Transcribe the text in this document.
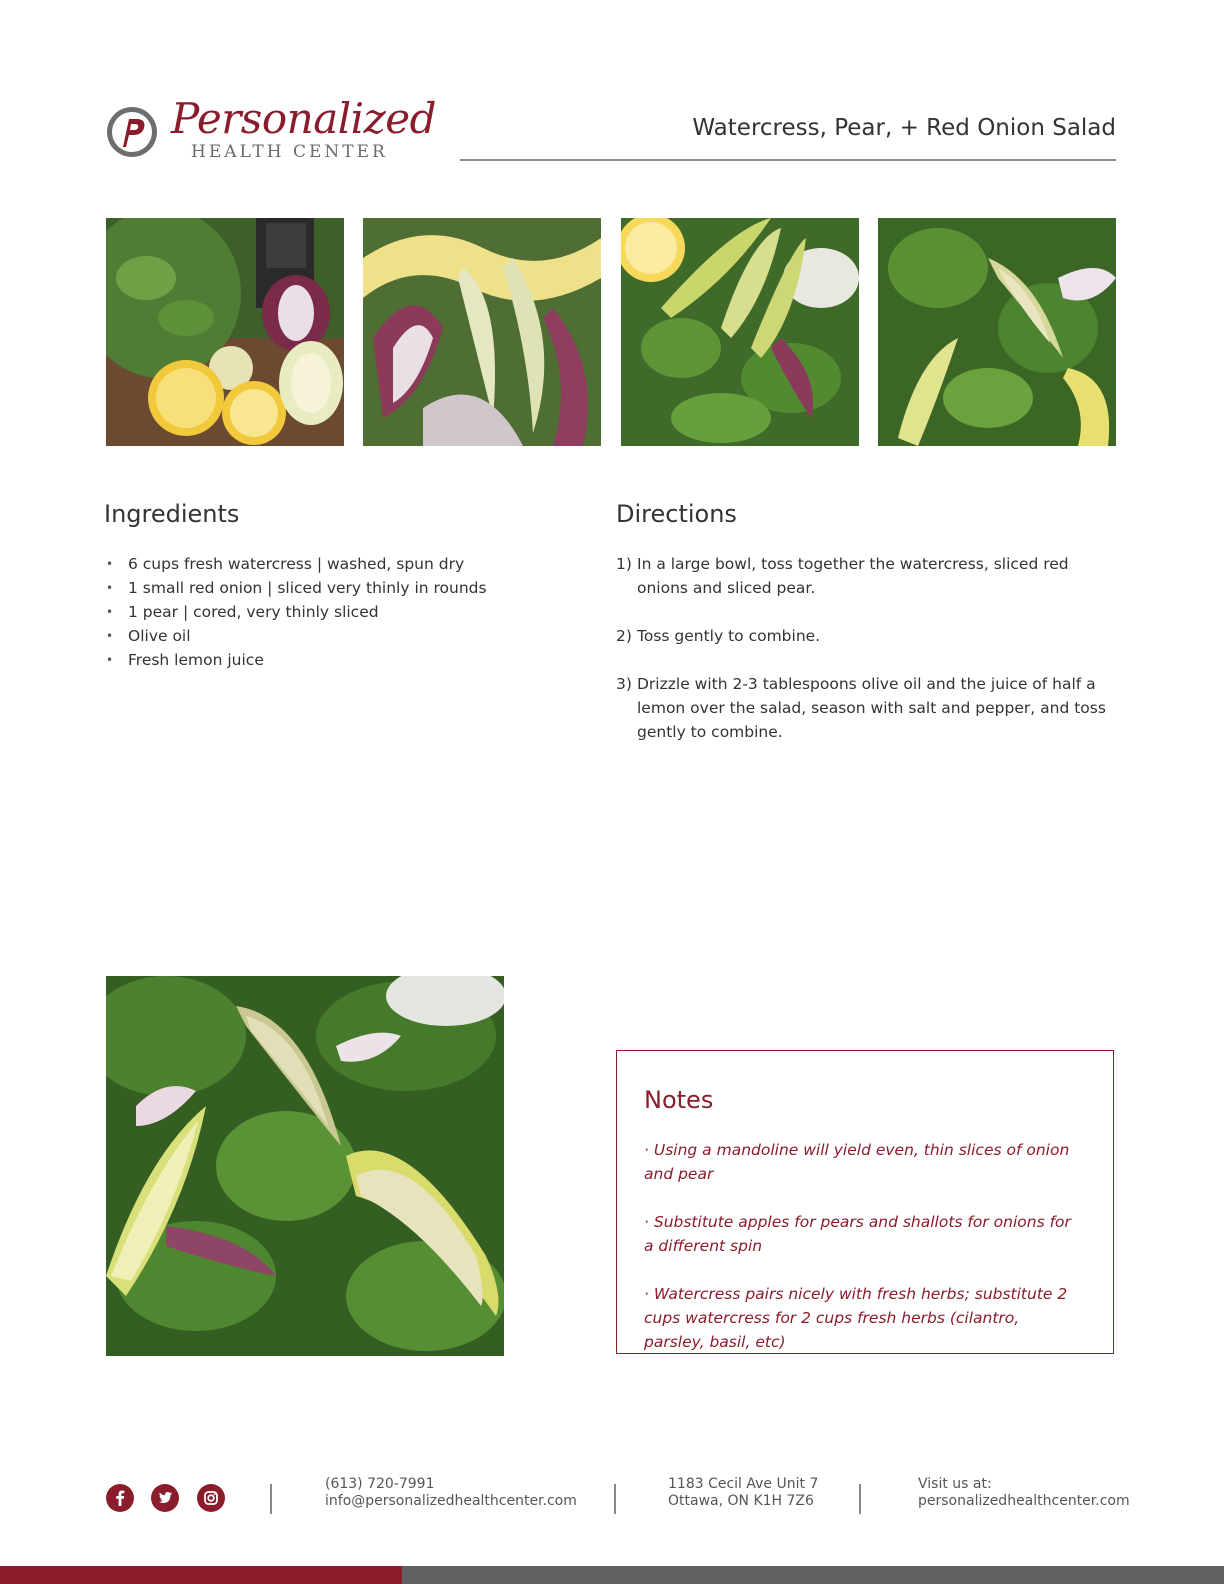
Personalized
HEALTH CENTER
Watercress, Pear, + Red Onion Salad
Ingredients
• 6 cups fresh watercress | washed, spun dry
• 1 small red onion | sliced very thinly in rounds
• 1 pear | cored, very thinly sliced
• Olive oil
• Fresh lemon juice
Directions
1) In a large bowl, toss together the watercress, sliced red onions and sliced pear.
2) Toss gently to combine.
3) Drizzle with 2-3 tablespoons olive oil and the juice of half a lemon over the salad, season with salt and pepper, and toss gently to combine.
Notes
· Using a mandoline will yield even, thin slices of onion and pear
· Substitute apples for pears and shallots for onions for a different spin
· Watercress pairs nicely with fresh herbs; substitute 2 cups watercress for 2 cups fresh herbs (cilantro, parsley, basil, etc)
(613) 720-7991
info@personalizedhealthcenter.com
1183 Cecil Ave Unit 7
Ottawa, ON K1H 7Z6
Visit us at:
personalizedhealthcenter.com
